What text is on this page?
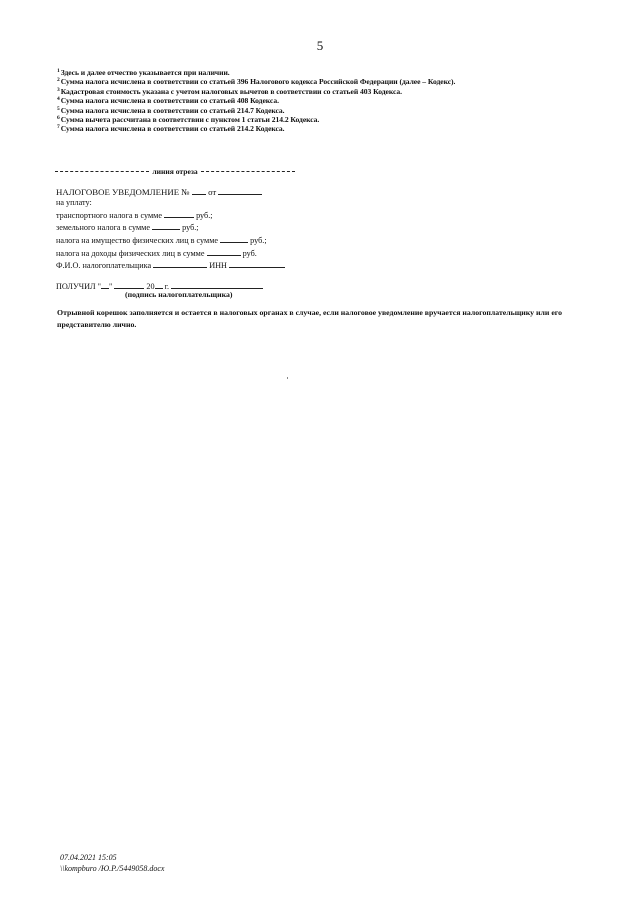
5
$^1$Здесь и далее отчество указывается при наличии.
$^2$Сумма налога исчислена в соответствии со статьей 396 Налогового кодекса Российской Федерации (далее – Кодекс).
$^3$Кадастровая стоимость указана с учетом налоговых вычетов в соответствии со статьей 403 Кодекса.
$^4$Сумма налога исчислена в соответствии со статьей 408 Кодекса.
$^5$Сумма налога исчислена в соответствии со статьей 214.7 Кодекса.
$^6$Сумма вычета рассчитана в соответствии с пунктом 1 статьи 214.2 Кодекса.
$^7$Сумма налога исчислена в соответствии со статьей 214.2 Кодекса.
линия отреза
НАЛОГОВОЕ УВЕДОМЛЕНИЕ № от
на уплату:
транспортного налога в сумме	руб.;
земельного налога в сумме	руб.;
налога на имущество физических лиц в сумме	руб.;
налога на доходы физических лиц в сумме	руб.
Ф.И.О. налогоплательщика	ИНН
ПОЛУЧИЛ " "	20 г.
(подпись налогоплательщика)
Отрывной корешок заполняется и остается в налоговых органах в случае, если налоговое уведомление вручается налогоплательщику или его представителю лично.
07.04.2021 15:05
\\kompburo /Ю.Р./5449058.docx
